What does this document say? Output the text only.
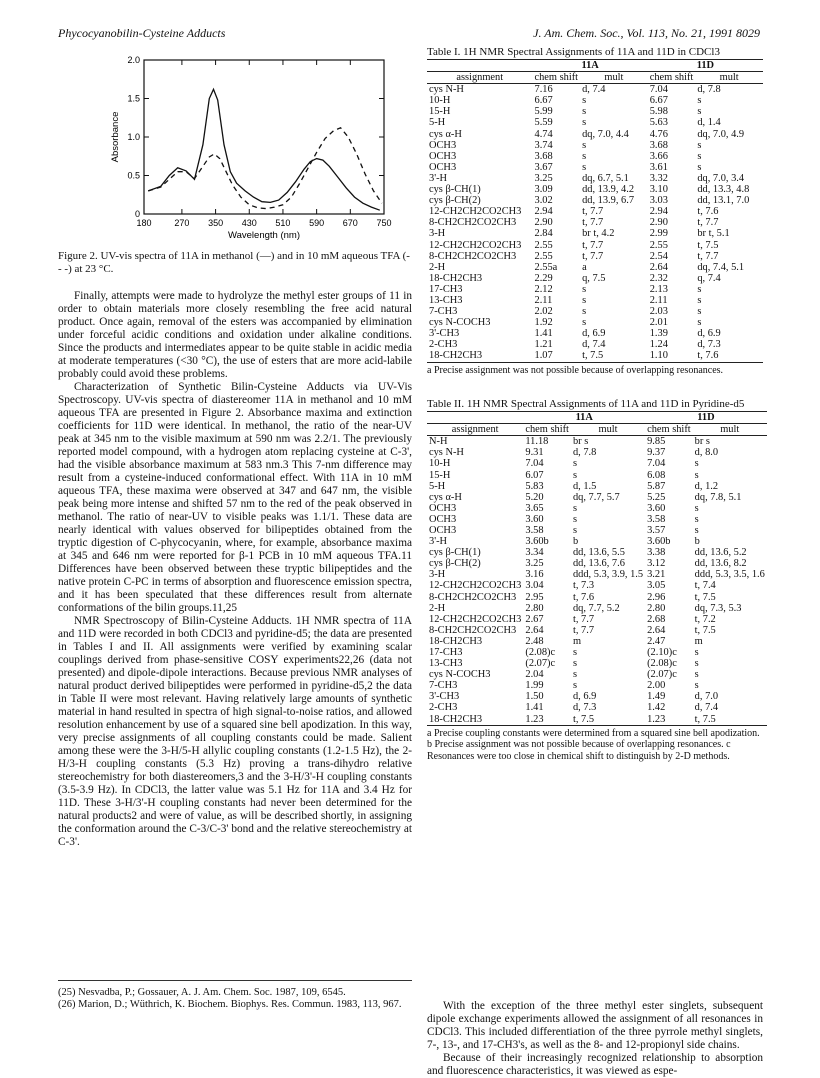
Phycocyanobilin-Cysteine Adducts	J. Am. Chem. Soc., Vol. 113, No. 21, 1991 8029
180	270 350 430 510 590 670 750
0
0.5
1.0
1.5
2.0
Wavelength (nm)
Absorbance
Figure 2. UV-vis spectra of 11A in methanol (—) and in 10 mM aqueous TFA (- - -) at 23 °C.

Finally, attempts were made to hydrolyze the methyl ester groups of 11 in order to obtain materials more closely resembling the free acid natural product. Once again, removal of the esters was accompanied by elimination under forceful acidic conditions and oxidation under alkaline conditions. Since the products and intermediates appear to be quite stable in acidic media at moderate temperatures (<30 °C), the use of esters that are more acid-labile probably could avoid these problems.

Characterization of Synthetic Bilin-Cysteine Adducts via UV-Vis Spectroscopy. UV-vis spectra of diastereomer 11A in methanol and 10 mM aqueous TFA are presented in Figure 2. Absorbance maxima and extinction coefficients for 11D were identical. In methanol, the ratio of the near-UV peak at 345 nm to the visible maximum at 590 nm was 2.2/1. The previously reported model compound, with a hydrogen atom replacing cysteine at C-3', had the visible absorbance maximum at 583 nm.3 This 7-nm difference may result from a cysteine-induced conformational effect. With 11A in 10 mM aqueous TFA, these maxima were observed at 347 and 647 nm, the visible peak being more intense and shifted 57 nm to the red of the peak observed in methanol. The ratio of near-UV to visible peaks was 1.1/1. These data are nearly identical with values observed for bilipeptides obtained from the tryptic digestion of C-phycocyanin, where, for example, absorbance maxima at 345 and 646 nm were reported for β-1 PCB in 10 mM aqueous TFA.11 Differences have been observed between these tryptic bilipeptides and the native protein C-PC in terms of absorption and fluorescence emission spectra, and it has been speculated that these differences result from alternate conformations of the bilin groups.11,25

NMR Spectroscopy of Bilin-Cysteine Adducts. 1H NMR spectra of 11A and 11D were recorded in both CDCl3 and pyridine-d5; the data are presented in Tables I and II. All assignments were verified by examining scalar couplings derived from phase-sensitive COSY experiments22,26 (data not presented) and dipole-dipole interactions. Because previous NMR analyses of natural product derived bilipeptides were performed in pyridine-d5,2 the data in Table II were most relevant. Having relatively large amounts of synthetic material in hand resulted in spectra of high signal-to-noise ratios, and allowed resolution enhancement by use of a squared sine bell apodization. In this way, very precise assignments of all coupling constants could be made. Salient among these were the 3-H/5-H allylic coupling constants (1.2-1.5 Hz), the 2-H/3-H coupling constants (5.3 Hz) proving a trans-dihydro relative stereochemistry for both diastereomers,3 and the 3-H/3'-H coupling constants (3.5-3.9 Hz). In CDCl3, the latter value was 5.1 Hz for 11A and 3.4 Hz for 11D. These 3-H/3'-H coupling constants had never been determined for the natural products2 and were of value, as will be described shortly, in assigning the conformation around the C-3/C-3' bond and the relative stereochemistry at C-3'.

(25) Nesvadba, P.; Gossauer, A. J. Am. Chem. Soc. 1987, 109, 6545.
(26) Marion, D.; Wüthrich, K. Biochem. Biophys. Res. Commun. 1983, 113, 967.
Table I. 1H NMR Spectral Assignments of 11A and 11D in CDCl3

	11A		11D	
assignment	chem shift	mult	chem shift	mult
cys N-H	7.16	d, 7.4	7.04	d, 7.8
10-H	6.67	s	6.67	s
15-H	5.99	s	5.98	s
5-H	5.59	s	5.63	d, 1.4
cys α-H	4.74	dq, 7.0, 4.4	4.76	dq, 7.0, 4.9
OCH3	3.74	s	3.68	s
OCH3	3.68	s	3.66	s
OCH3	3.67	s	3.61	s
3'-H	3.25	dq, 6.7, 5.1	3.32	dq, 7.0, 3.4
cys β-CH(1)	3.09	dd, 13.9, 4.2	3.10	dd, 13.3, 4.8
cys β-CH(2)	3.02	dd, 13.9, 6.7	3.03	dd, 13.1, 7.0
12-CH2CH2CO2CH3	2.94	t, 7.7	2.94	t, 7.6
8-CH2CH2CO2CH3	2.90	t, 7.7	2.90	t, 7.7
3-H	2.84	br t, 4.2	2.99	br t, 5.1
12-CH2CH2CO2CH3	2.55	t, 7.7	2.55	t, 7.5
8-CH2CH2CO2CH3	2.55	t, 7.7	2.54	t, 7.7
2-H	2.55a	a	2.64	dq, 7.4, 5.1
18-CH2CH3	2.29	q, 7.5	2.32	q, 7.4
17-CH3	2.12	s	2.13	s
13-CH3	2.11	s	2.11	s
7-CH3	2.02	s	2.03	s
cys N-COCH3	1.92	s	2.01	s
3'-CH3	1.41	d, 6.9	1.39	d, 6.9
2-CH3	1.21	d, 7.4	1.24	d, 7.3
18-CH2CH3	1.07	t, 7.5	1.10	t, 7.6
a Precise assignment was not possible because of overlapping resonances.
Table II. 1H NMR Spectral Assignments of 11A and 11D in Pyridine-d5

	11A		11D	
assignment	chem shift	mult	chem shift	mult
N-H	11.18	br s	9.85	br s
cys N-H	9.31	d, 7.8	9.37	d, 8.0
10-H	7.04	s	7.04	s
15-H	6.07	s	6.08	s
5-H	5.83	d, 1.5	5.87	d, 1.2
cys α-H	5.20	dq, 7.7, 5.7	5.25	dq, 7.8, 5.1
OCH3	3.65	s	3.60	s
OCH3	3.60	s	3.58	s
OCH3	3.58	s	3.57	s
3'-H	3.60b	b	3.60b	b
cys β-CH(1)	3.34	dd, 13.6, 5.5	3.38	dd, 13.6, 5.2
cys β-CH(2)	3.25	dd, 13.6, 7.6	3.12	dd, 13.6, 8.2
3-H	3.16	ddd, 5.3, 3.9, 1.5	3.21	ddd, 5.3, 3.5, 1.6
12-CH2CH2CO2CH3	3.04	t, 7.3	3.05	t, 7.4
8-CH2CH2CO2CH3	2.95	t, 7.6	2.96	t, 7.5
2-H	2.80	dq, 7.7, 5.2	2.80	dq, 7.3, 5.3
12-CH2CH2CO2CH3	2.67	t, 7.7	2.68	t, 7.2
8-CH2CH2CO2CH3	2.64	t, 7.7	2.64	t, 7.5
18-CH2CH3	2.48	m	2.47	m
17-CH3	(2.08)c	s	(2.10)c	s
13-CH3	(2.07)c	s	(2.08)c	s
cys N-COCH3	2.04	s	(2.07)c	s
7-CH3	1.99	s	2.00	s
3'-CH3	1.50	d, 6.9	1.49	d, 7.0
2-CH3	1.41	d, 7.3	1.42	d, 7.4
18-CH2CH3	1.23	t, 7.5	1.23	t, 7.5
a Precise coupling constants were determined from a squared sine bell apodization. b Precise assignment was not possible because of overlapping resonances. c Resonances were too close in chemical shift to distinguish by 2-D methods.

With the exception of the three methyl ester singlets, subsequent dipole exchange experiments allowed the assignment of all resonances in CDCl3. This included differentiation of the three pyrrole methyl singlets, 7-, 13-, and 17-CH3's, as well as the 8- and 12-propionyl side chains.

Because of their increasingly recognized relationship to absorption and fluorescence characteristics, it was viewed as espe-
